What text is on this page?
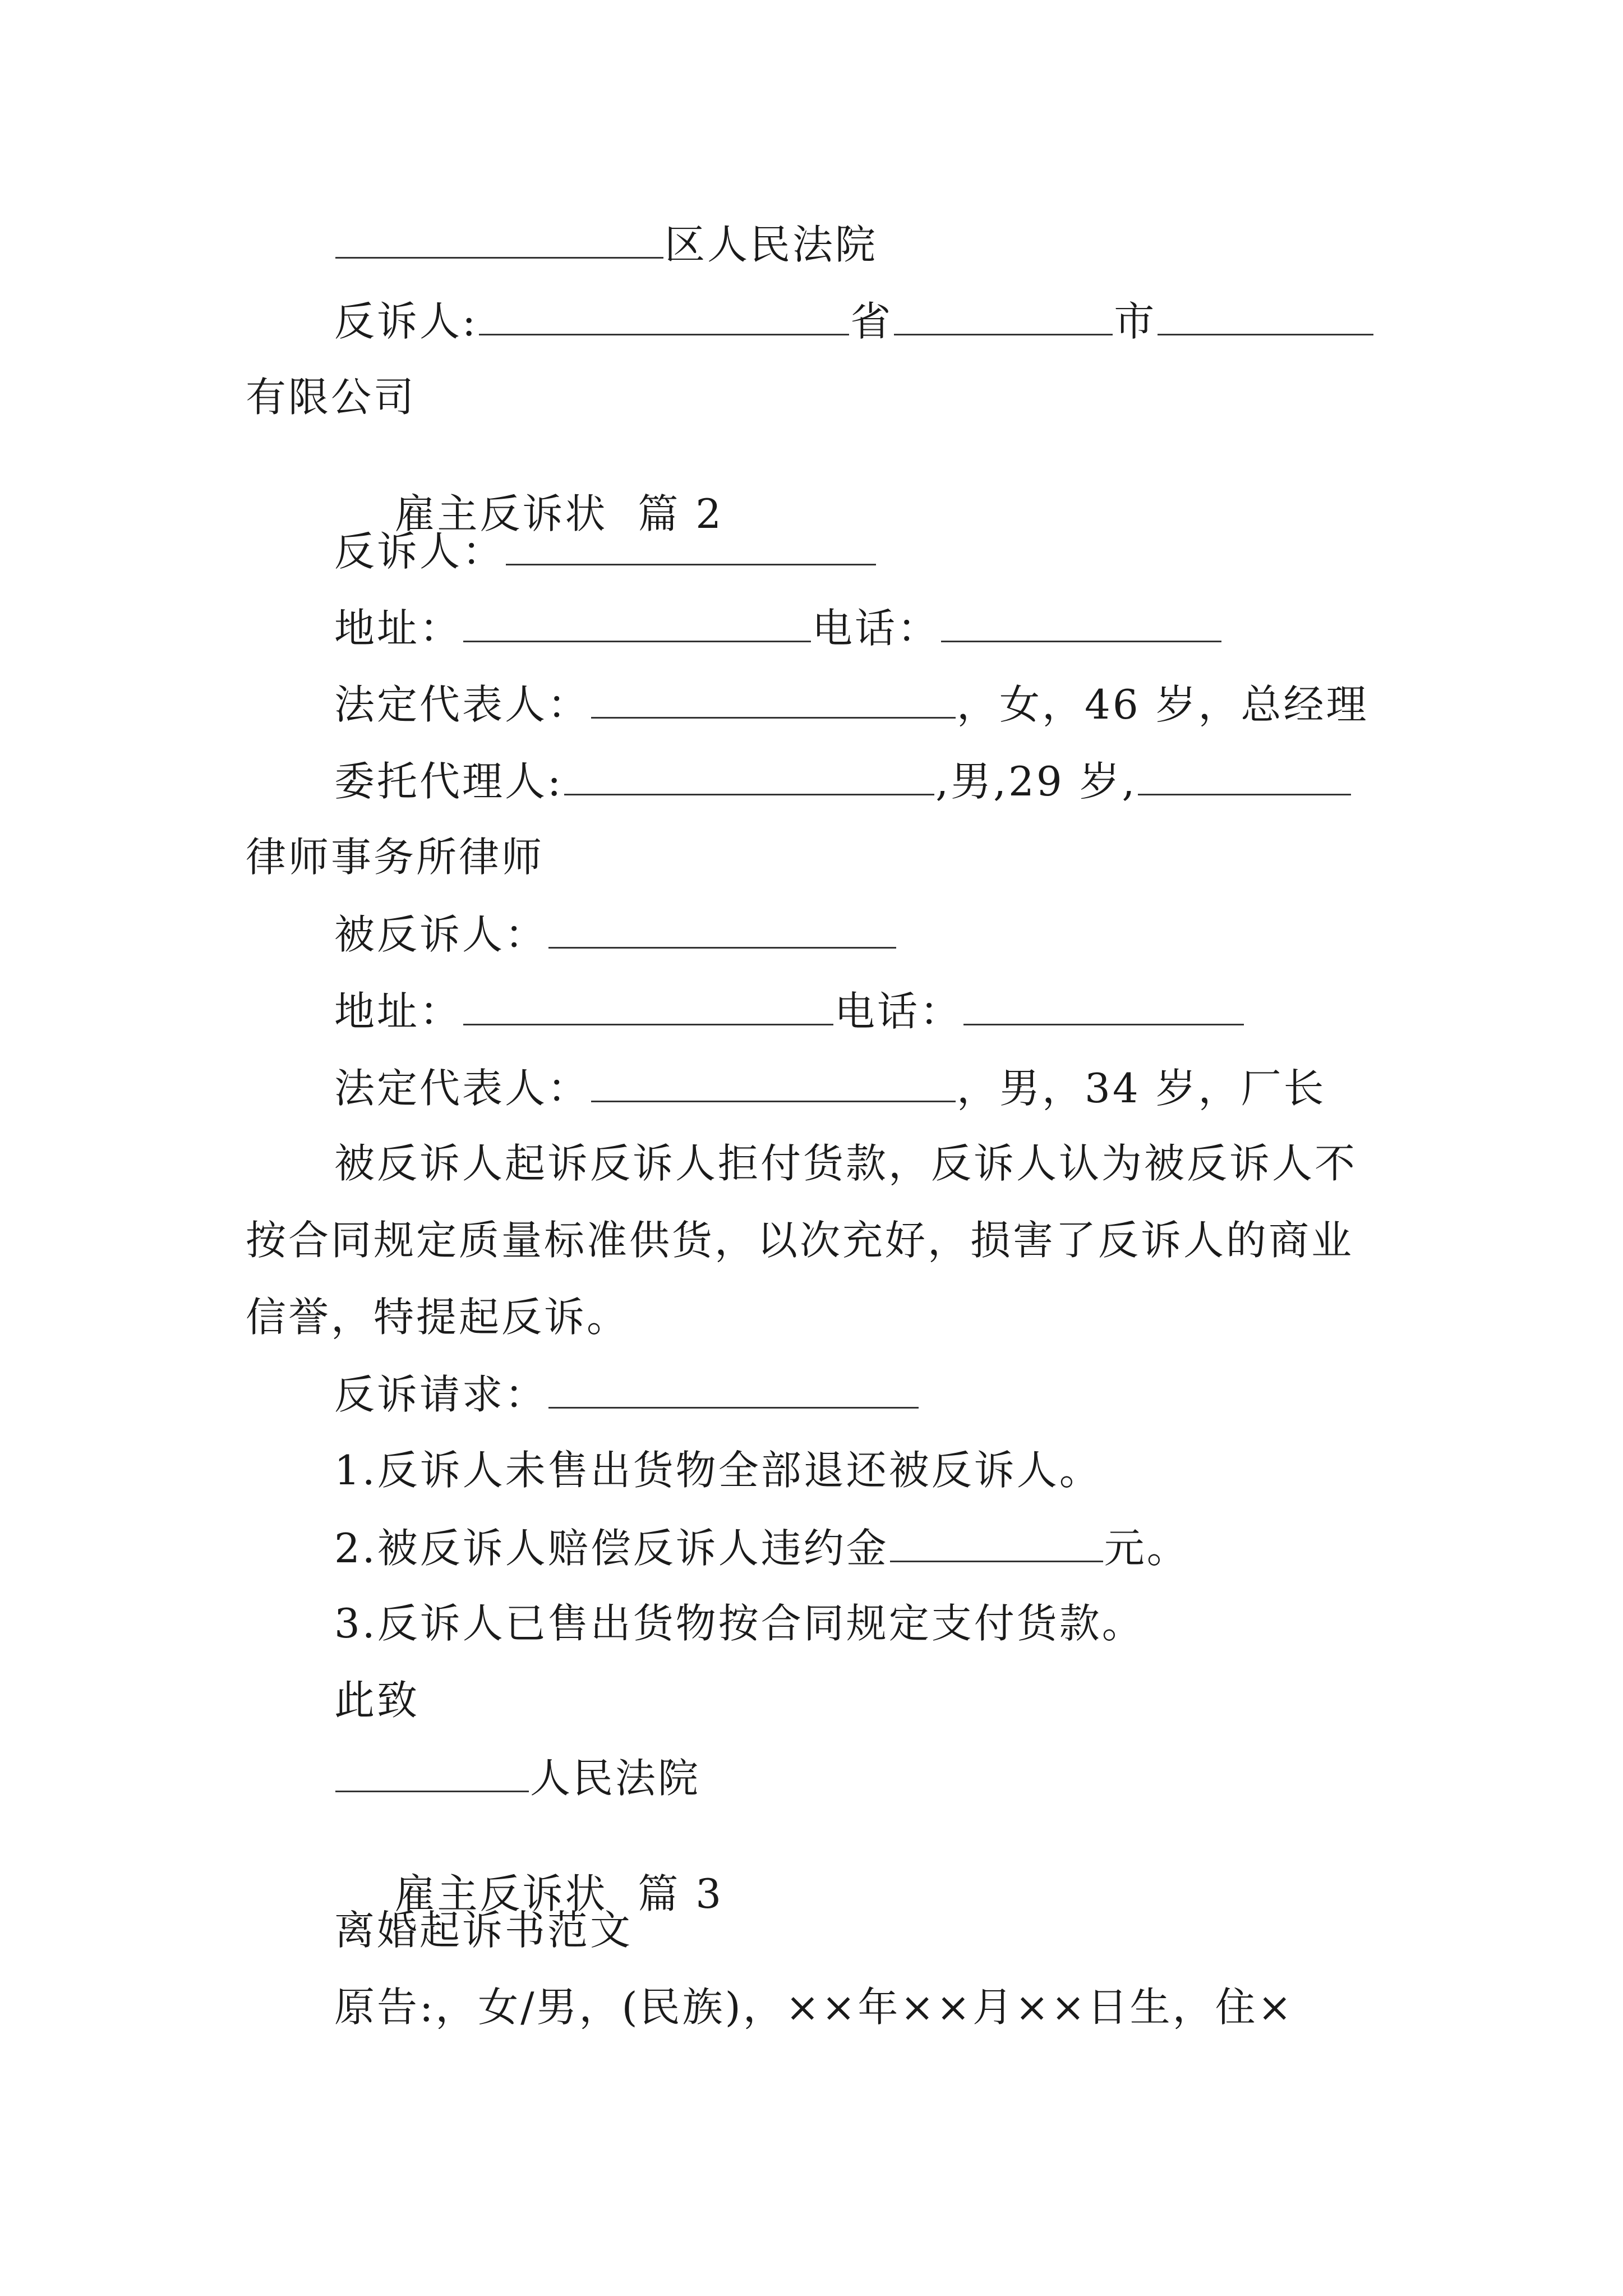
区人民法院
反诉人:	省	市
有限公司

雇主反诉状  篇 2

反诉人：
地址：	电话：
法定代表人：	，女，46 岁，总经理
委托代理人:	,男,29 岁,
律师事务所律师
被反诉人：
地址：	电话：
法定代表人：	，男，34 岁，厂长
被反诉人起诉反诉人拒付货款，反诉人认为被反诉人不
按合同规定质量标准供货，以次充好，损害了反诉人的商业
信誉，特提起反诉。
反诉请求：
1.反诉人未售出货物全部退还被反诉人。
2.被反诉人赔偿反诉人违约金	元。
3.反诉人已售出货物按合同规定支付货款。
此致
人民法院

雇主反诉状  篇 3

离婚起诉书范文
原告:，女/男，(民族)，××年××月××日生，住×
